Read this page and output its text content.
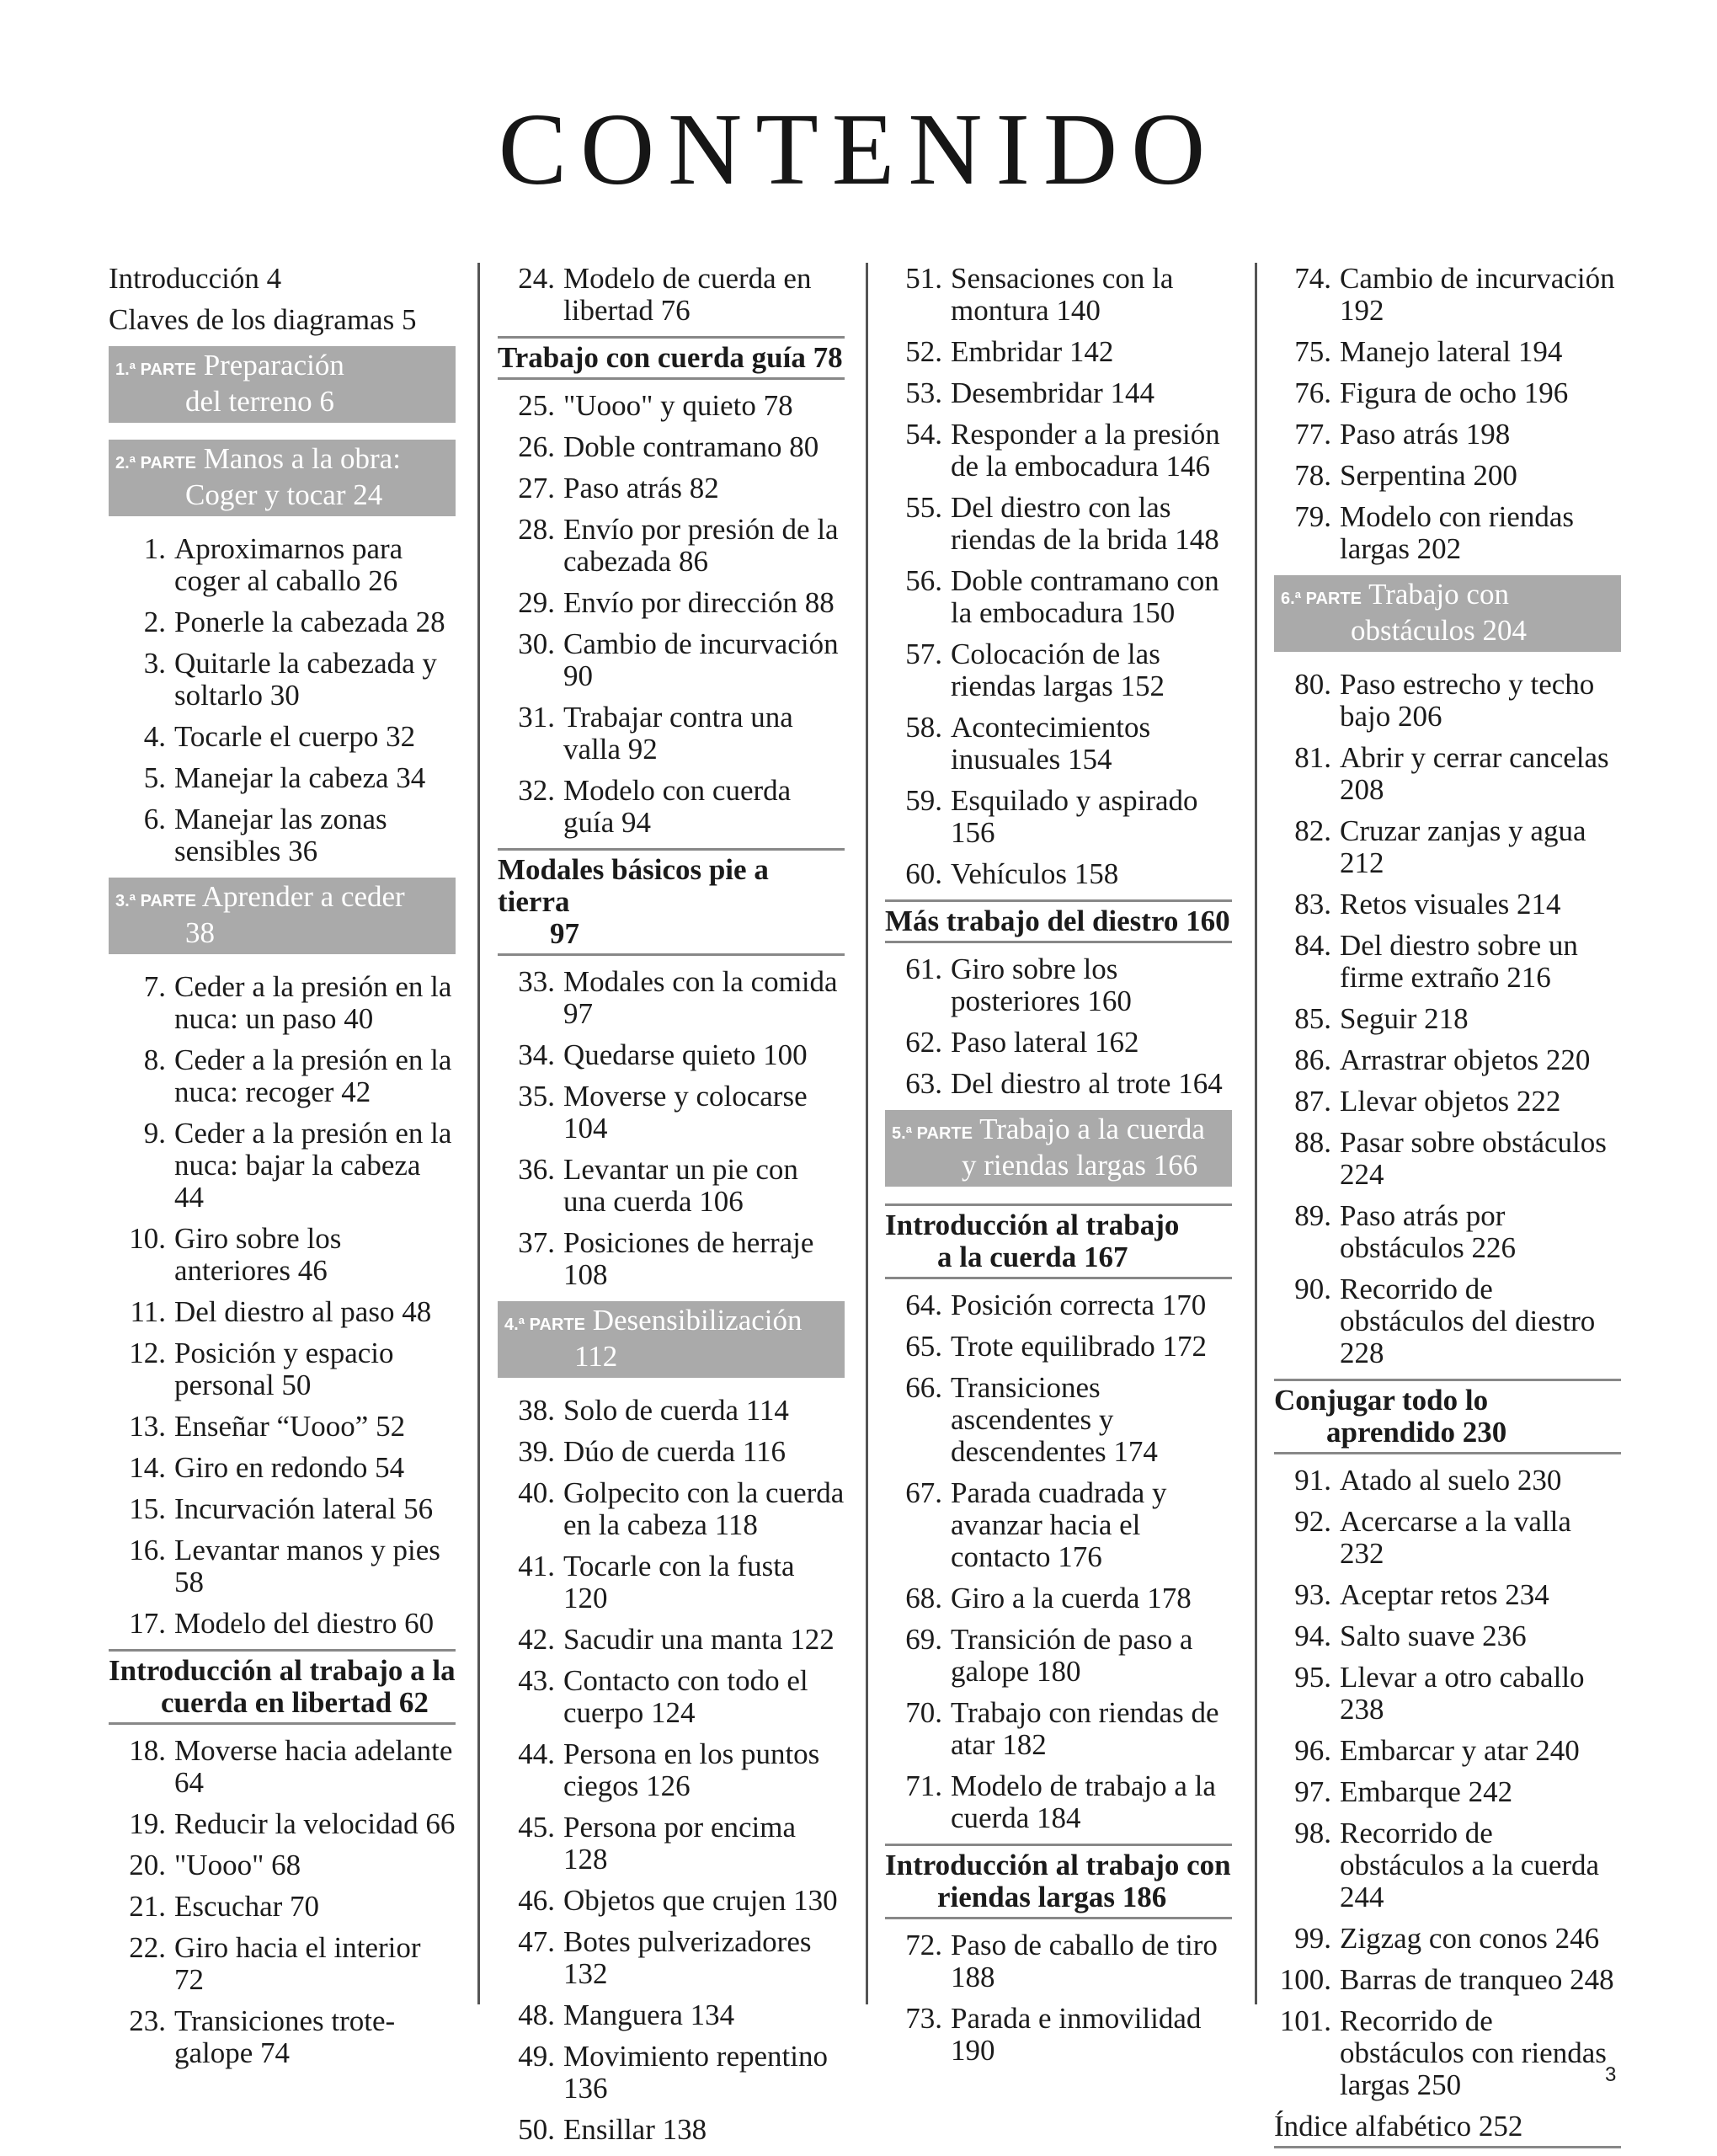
CONTENIDO
Introducción 4
Claves de los diagramas 5
1.ª PARTE Preparación
del terreno 6
2.ª PARTE Manos a la obra:
Coger y tocar 24
1. Aproximarnos para coger al caballo 26
2. Ponerle la cabezada 28
3. Quitarle la cabezada y soltarlo 30
4. Tocarle el cuerpo 32
5. Manejar la cabeza 34
6. Manejar las zonas sensibles 36
3.ª PARTE Aprender a ceder
38
7. Ceder a la presión en la nuca: un paso 40
8. Ceder a la presión en la nuca: recoger 42
9. Ceder a la presión en la nuca: bajar la cabeza 44
10. Giro sobre los anteriores 46
11. Del diestro al paso 48
12. Posición y espacio personal 50
13. Enseñar “Uooo” 52
14. Giro en redondo 54
15. Incurvación lateral 56
16. Levantar manos y pies 58
17. Modelo del diestro 60
Introducción al trabajo a la
cuerda en libertad 62
18. Moverse hacia adelante 64
19. Reducir la velocidad 66
20. "Uooo" 68
21. Escuchar 70
22. Giro hacia el interior 72
23. Transiciones trote-galope 74
24. Modelo de cuerda en libertad 76
Trabajo con cuerda guía 78
25. "Uooo" y quieto 78
26. Doble contramano 80
27. Paso atrás 82
28. Envío por presión de la cabezada 86
29. Envío por dirección 88
30. Cambio de incurvación 90
31. Trabajar contra una valla 92
32. Modelo con cuerda guía 94
Modales básicos pie a tierra
97
33. Modales con la comida 97
34. Quedarse quieto 100
35. Moverse y colocarse 104
36. Levantar un pie con una cuerda 106
37. Posiciones de herraje 108
4.ª PARTE Desensibilización
112
38. Solo de cuerda 114
39. Dúo de cuerda 116
40. Golpecito con la cuerda en la cabeza 118
41. Tocarle con la fusta 120
42. Sacudir una manta 122
43. Contacto con todo el cuerpo 124
44. Persona en los puntos ciegos 126
45. Persona por encima 128
46. Objetos que crujen 130
47. Botes pulverizadores 132
48. Manguera 134
49. Movimiento repentino 136
50. Ensillar 138
51. Sensaciones con la montura 140
52. Embridar 142
53. Desembridar 144
54. Responder a la presión de la embocadura 146
55. Del diestro con las riendas de la brida 148
56. Doble contramano con la embocadura 150
57. Colocación de las riendas largas 152
58. Acontecimientos inusuales 154
59. Esquilado y aspirado 156
60. Vehículos 158
Más trabajo del diestro 160
61. Giro sobre los posteriores 160
62. Paso lateral 162
63. Del diestro al trote 164
5.ª PARTE Trabajo a la cuerda
y riendas largas 166
Introducción al trabajo
a la cuerda 167
64. Posición correcta 170
65. Trote equilibrado 172
66. Transiciones ascendentes y descendentes 174
67. Parada cuadrada y avanzar hacia el contacto 176
68. Giro a la cuerda 178
69. Transición de paso a galope 180
70. Trabajo con riendas de atar 182
71. Modelo de trabajo a la cuerda 184
Introducción al trabajo con
riendas largas 186
72. Paso de caballo de tiro 188
73. Parada e inmovilidad 190
74. Cambio de incurvación 192
75. Manejo lateral 194
76. Figura de ocho 196
77. Paso atrás 198
78. Serpentina 200
79. Modelo con riendas largas 202
6.ª PARTE Trabajo con
obstáculos 204
80. Paso estrecho y techo bajo 206
81. Abrir y cerrar cancelas 208
82. Cruzar zanjas y agua 212
83. Retos visuales 214
84. Del diestro sobre un firme extraño 216
85. Seguir 218
86. Arrastrar objetos 220
87. Llevar objetos 222
88. Pasar sobre obstáculos 224
89. Paso atrás por obstáculos 226
90. Recorrido de obstáculos del diestro 228
Conjugar todo lo
aprendido 230
91. Atado al suelo 230
92. Acercarse a la valla 232
93. Aceptar retos 234
94. Salto suave 236
95. Llevar a otro caballo 238
96. Embarcar y atar 240
97. Embarque 242
98. Recorrido de obstáculos a la cuerda 244
99. Zigzag con conos 246
100. Barras de tranqueo 248
101. Recorrido de obstáculos con riendas largas 250
Índice alfabético 252
3
